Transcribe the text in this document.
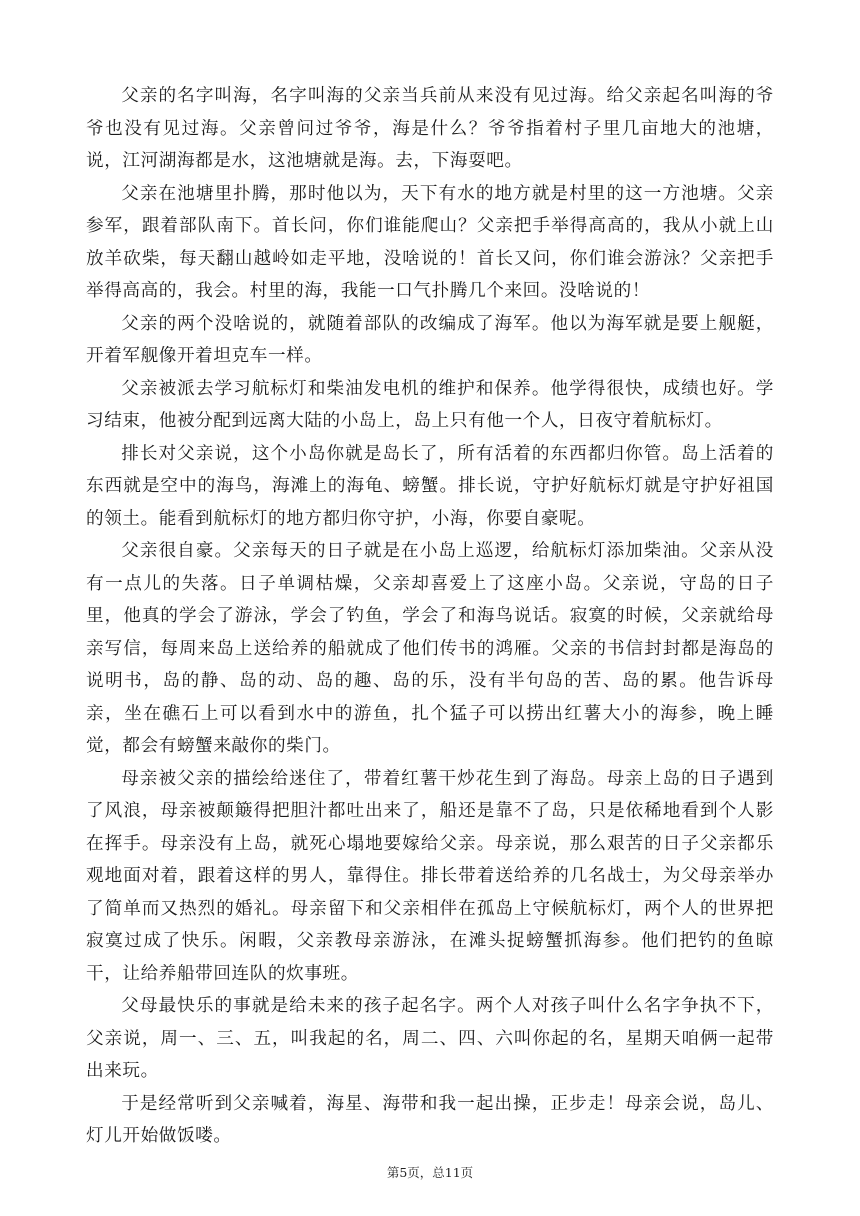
父亲的名字叫海，名字叫海的父亲当兵前从来没有见过海。给父亲起名叫海的爷爷也没有见过海。父亲曾问过爷爷，海是什么？爷爷指着村子里几亩地大的池塘，说，江河湖海都是水，这池塘就是海。去，下海耍吧。

父亲在池塘里扑腾，那时他以为，天下有水的地方就是村里的这一方池塘。父亲参军，跟着部队南下。首长问，你们谁能爬山？父亲把手举得高高的，我从小就上山放羊砍柴，每天翻山越岭如走平地，没啥说的！首长又问，你们谁会游泳？父亲把手举得高高的，我会。村里的海，我能一口气扑腾几个来回。没啥说的！

父亲的两个没啥说的，就随着部队的改编成了海军。他以为海军就是要上舰艇，开着军舰像开着坦克车一样。

父亲被派去学习航标灯和柴油发电机的维护和保养。他学得很快，成绩也好。学习结束，他被分配到远离大陆的小岛上，岛上只有他一个人，日夜守着航标灯。

排长对父亲说，这个小岛你就是岛长了，所有活着的东西都归你管。岛上活着的东西就是空中的海鸟，海滩上的海龟、螃蟹。排长说，守护好航标灯就是守护好祖国的领土。能看到航标灯的地方都归你守护，小海，你要自豪呢。

父亲很自豪。父亲每天的日子就是在小岛上巡逻，给航标灯添加柴油。父亲从没有一点儿的失落。日子单调枯燥，父亲却喜爱上了这座小岛。父亲说，守岛的日子里，他真的学会了游泳，学会了钓鱼，学会了和海鸟说话。寂寞的时候，父亲就给母亲写信，每周来岛上送给养的船就成了他们传书的鸿雁。父亲的书信封封都是海岛的说明书，岛的静、岛的动、岛的趣、岛的乐，没有半句岛的苦、岛的累。他告诉母亲，坐在礁石上可以看到水中的游鱼，扎个猛子可以捞出红薯大小的海参，晚上睡觉，都会有螃蟹来敲你的柴门。

母亲被父亲的描绘给迷住了，带着红薯干炒花生到了海岛。母亲上岛的日子遇到了风浪，母亲被颠簸得把胆汁都吐出来了，船还是靠不了岛，只是依稀地看到个人影在挥手。母亲没有上岛，就死心塌地要嫁给父亲。母亲说，那么艰苦的日子父亲都乐观地面对着，跟着这样的男人，靠得住。排长带着送给养的几名战士，为父母亲举办了简单而又热烈的婚礼。母亲留下和父亲相伴在孤岛上守候航标灯，两个人的世界把寂寞过成了快乐。闲暇，父亲教母亲游泳，在滩头捉螃蟹抓海参。他们把钓的鱼晾干，让给养船带回连队的炊事班。

父母最快乐的事就是给未来的孩子起名字。两个人对孩子叫什么名字争执不下，父亲说，周一、三、五，叫我起的名，周二、四、六叫你起的名，星期天咱俩一起带出来玩。

于是经常听到父亲喊着，海星、海带和我一起出操，正步走！母亲会说，岛儿、灯儿开始做饭喽。

第5页，总11页
